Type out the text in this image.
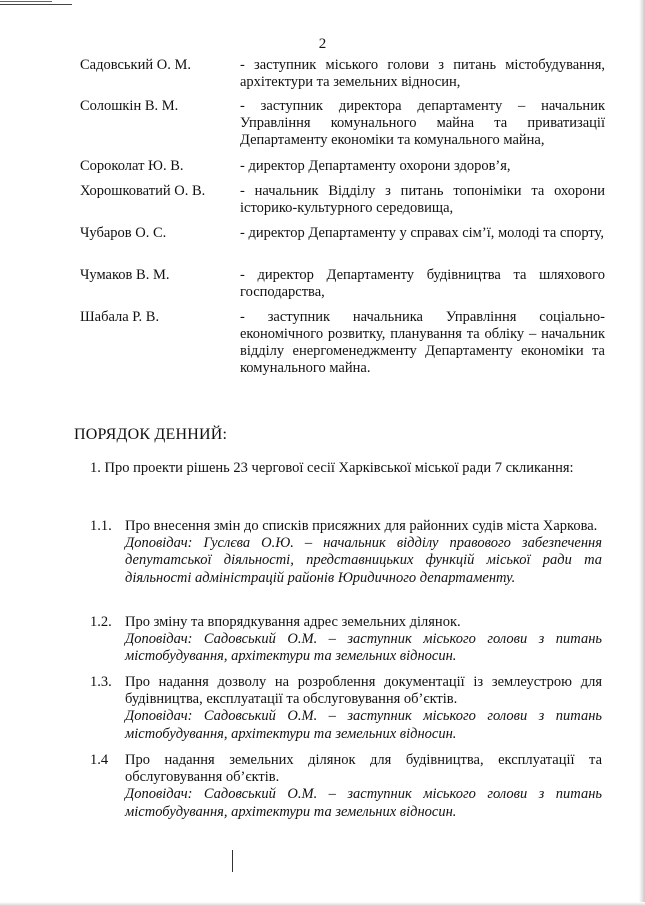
2
Садовський О. М.	- заступник міського голови з питань містобудування, архітектури та земельних відносин,
Солошкін В. М.	- заступник директора департаменту – начальник Управління комунального майна та приватизації Департаменту економіки та комунального майна,
Сороколат Ю. В.	- директор Департаменту охорони здоров’я,
Хорошковатий О. В.	- начальник Відділу з питань топоніміки та охорони історико-культурного середовища,
Чубаров О. С.	- директор Департаменту у справах сім’ї, молоді та спорту,
Чумаков В. М.	- директор Департаменту будівництва та шляхового господарства,
Шабала Р. В.	- заступник начальника Управління соціально-економічного розвитку, планування та обліку – начальник відділу енергоменеджменту Департаменту економіки та комунального майна.
ПОРЯДОК ДЕННИЙ:
1. Про проекти рішень 23 чергової сесії Харківської міської ради 7 скликання:
1.1. Про внесення змін до списків присяжних для районних судів міста Харкова.
Доповідач: Гуслєва О.Ю. – начальник відділу правового забезпечення депутатської діяльності, представницьких функцій міської ради та діяльності адміністрацій районів Юридичного департаменту.
1.2. Про зміну та впорядкування адрес земельних ділянок.
Доповідач: Садовський О.М. – заступник міського голови з питань містобудування, архітектури та земельних відносин.
1.3. Про надання дозволу на розроблення документації із землеустрою для будівництва, експлуатації та обслуговування об’єктів.
Доповідач: Садовський О.М. – заступник міського голови з питань містобудування, архітектури та земельних відносин.
1.4	Про надання земельних ділянок для будівництва, експлуатації та обслуговування об’єктів.
Доповідач: Садовський О.М. – заступник міського голови з питань містобудування, архітектури та земельних відносин.
